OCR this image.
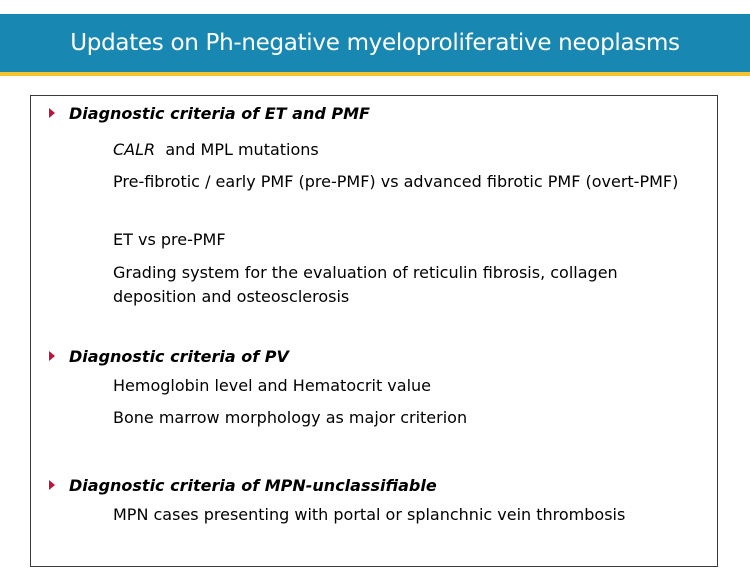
Updates on Ph-negative myeloproliferative neoplasms
Diagnostic criteria of ET and PMF
CALR  and MPL mutations
Pre-fibrotic / early PMF (pre-PMF) vs advanced fibrotic PMF (overt-PMF)
ET vs pre-PMF
Grading system for the evaluation of reticulin fibrosis, collagen deposition and osteosclerosis
Diagnostic criteria of PV
Hemoglobin level and Hematocrit value
Bone marrow morphology as major criterion
Diagnostic criteria of MPN-unclassifiable
MPN cases presenting with portal or splanchnic vein thrombosis
